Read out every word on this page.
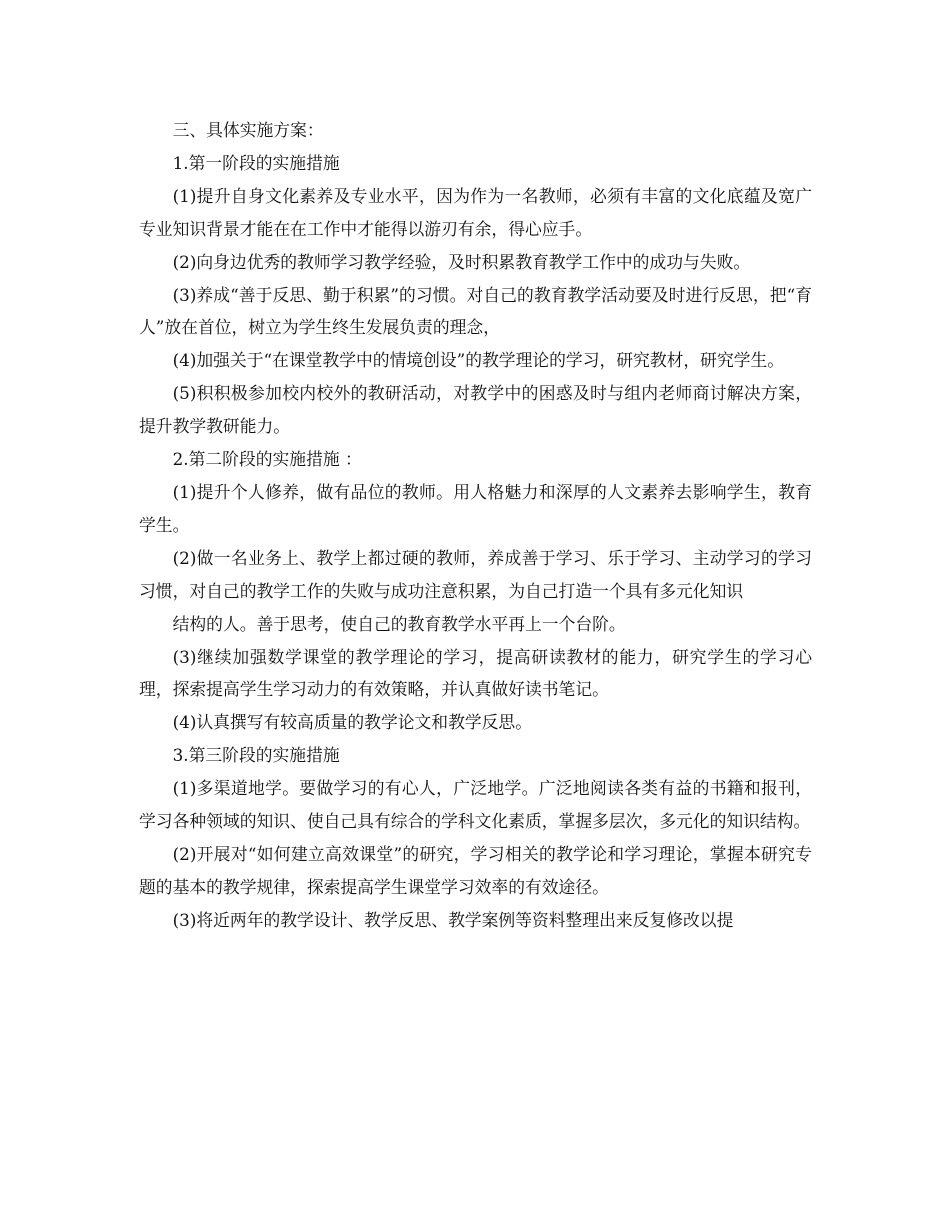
三、具体实施方案：

1.第一阶段的实施措施

(1)提升自身文化素养及专业水平，因为作为一名教师，必须有丰富的文化底蕴及宽广专业知识背景才能在在工作中才能得以游刃有余，得心应手。

(2)向身边优秀的教师学习教学经验，及时积累教育教学工作中的成功与失败。

(3)养成“善于反思、勤于积累”的习惯。对自己的教育教学活动要及时进行反思，把“育人”放在首位，树立为学生终生发展负责的理念，

(4)加强关于“在课堂教学中的情境创设”的教学理论的学习，研究教材，研究学生。

(5)积积极参加校内校外的教研活动，对教学中的困惑及时与组内老师商讨解决方案，提升教学教研能力。

2.第二阶段的实施措施 ：

(1)提升个人修养，做有品位的教师。用人格魅力和深厚的人文素养去影响学生，教育学生。

(2)做一名业务上、教学上都过硬的教师，养成善于学习、乐于学习、主动学习的学习习惯，对自己的教学工作的失败与成功注意积累，为自己打造一个具有多元化知识

结构的人。善于思考，使自己的教育教学水平再上一个台阶。

(3)继续加强数学课堂的教学理论的学习，提高研读教材的能力，研究学生的学习心理，探索提高学生学习动力的有效策略，并认真做好读书笔记。

(4)认真撰写有较高质量的教学论文和教学反思。

3.第三阶段的实施措施

(1)多渠道地学。要做学习的有心人，广泛地学。广泛地阅读各类有益的书籍和报刊，学习各种领域的知识、使自己具有综合的学科文化素质，掌握多层次，多元化的知识结构。

(2)开展对“如何建立高效课堂”的研究，学习相关的教学论和学习理论，掌握本研究专题的基本的教学规律，探索提高学生课堂学习效率的有效途径。

(3)将近两年的教学设计、教学反思、教学案例等资料整理出来反复修改以提
